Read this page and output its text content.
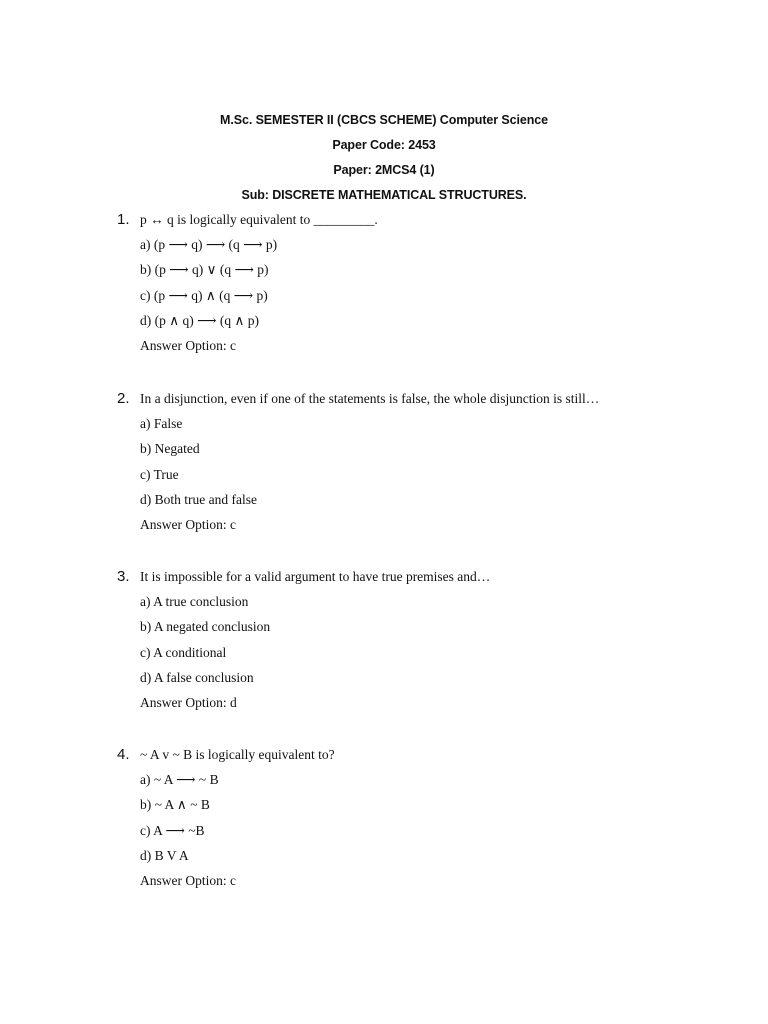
M.Sc. SEMESTER II (CBCS SCHEME) Computer Science
Paper Code: 2453
Paper: 2MCS4 (1)
Sub: DISCRETE MATHEMATICAL STRUCTURES.
1. p ↔ q is logically equivalent to _________.
a) (p ⟶ q) ⟶ (q ⟶ p)
b) (p ⟶ q) ∨ (q ⟶ p)
c) (p ⟶ q) ∧ (q ⟶ p)
d) (p ∧ q) ⟶ (q ∧ p)
Answer Option: c
2. In a disjunction, even if one of the statements is false, the whole disjunction is still…
a) False
b) Negated
c) True
d) Both true and false
Answer Option: c
3. It is impossible for a valid argument to have true premises and…
a) A true conclusion
b) A negated conclusion
c) A conditional
d) A false conclusion
Answer Option: d
4. ~ A v ~ B is logically equivalent to?
a) ~ A ⟶ ~ B
b) ~ A ∧ ~ B
c) A ⟶ ~B
d) B V A
Answer Option: c
